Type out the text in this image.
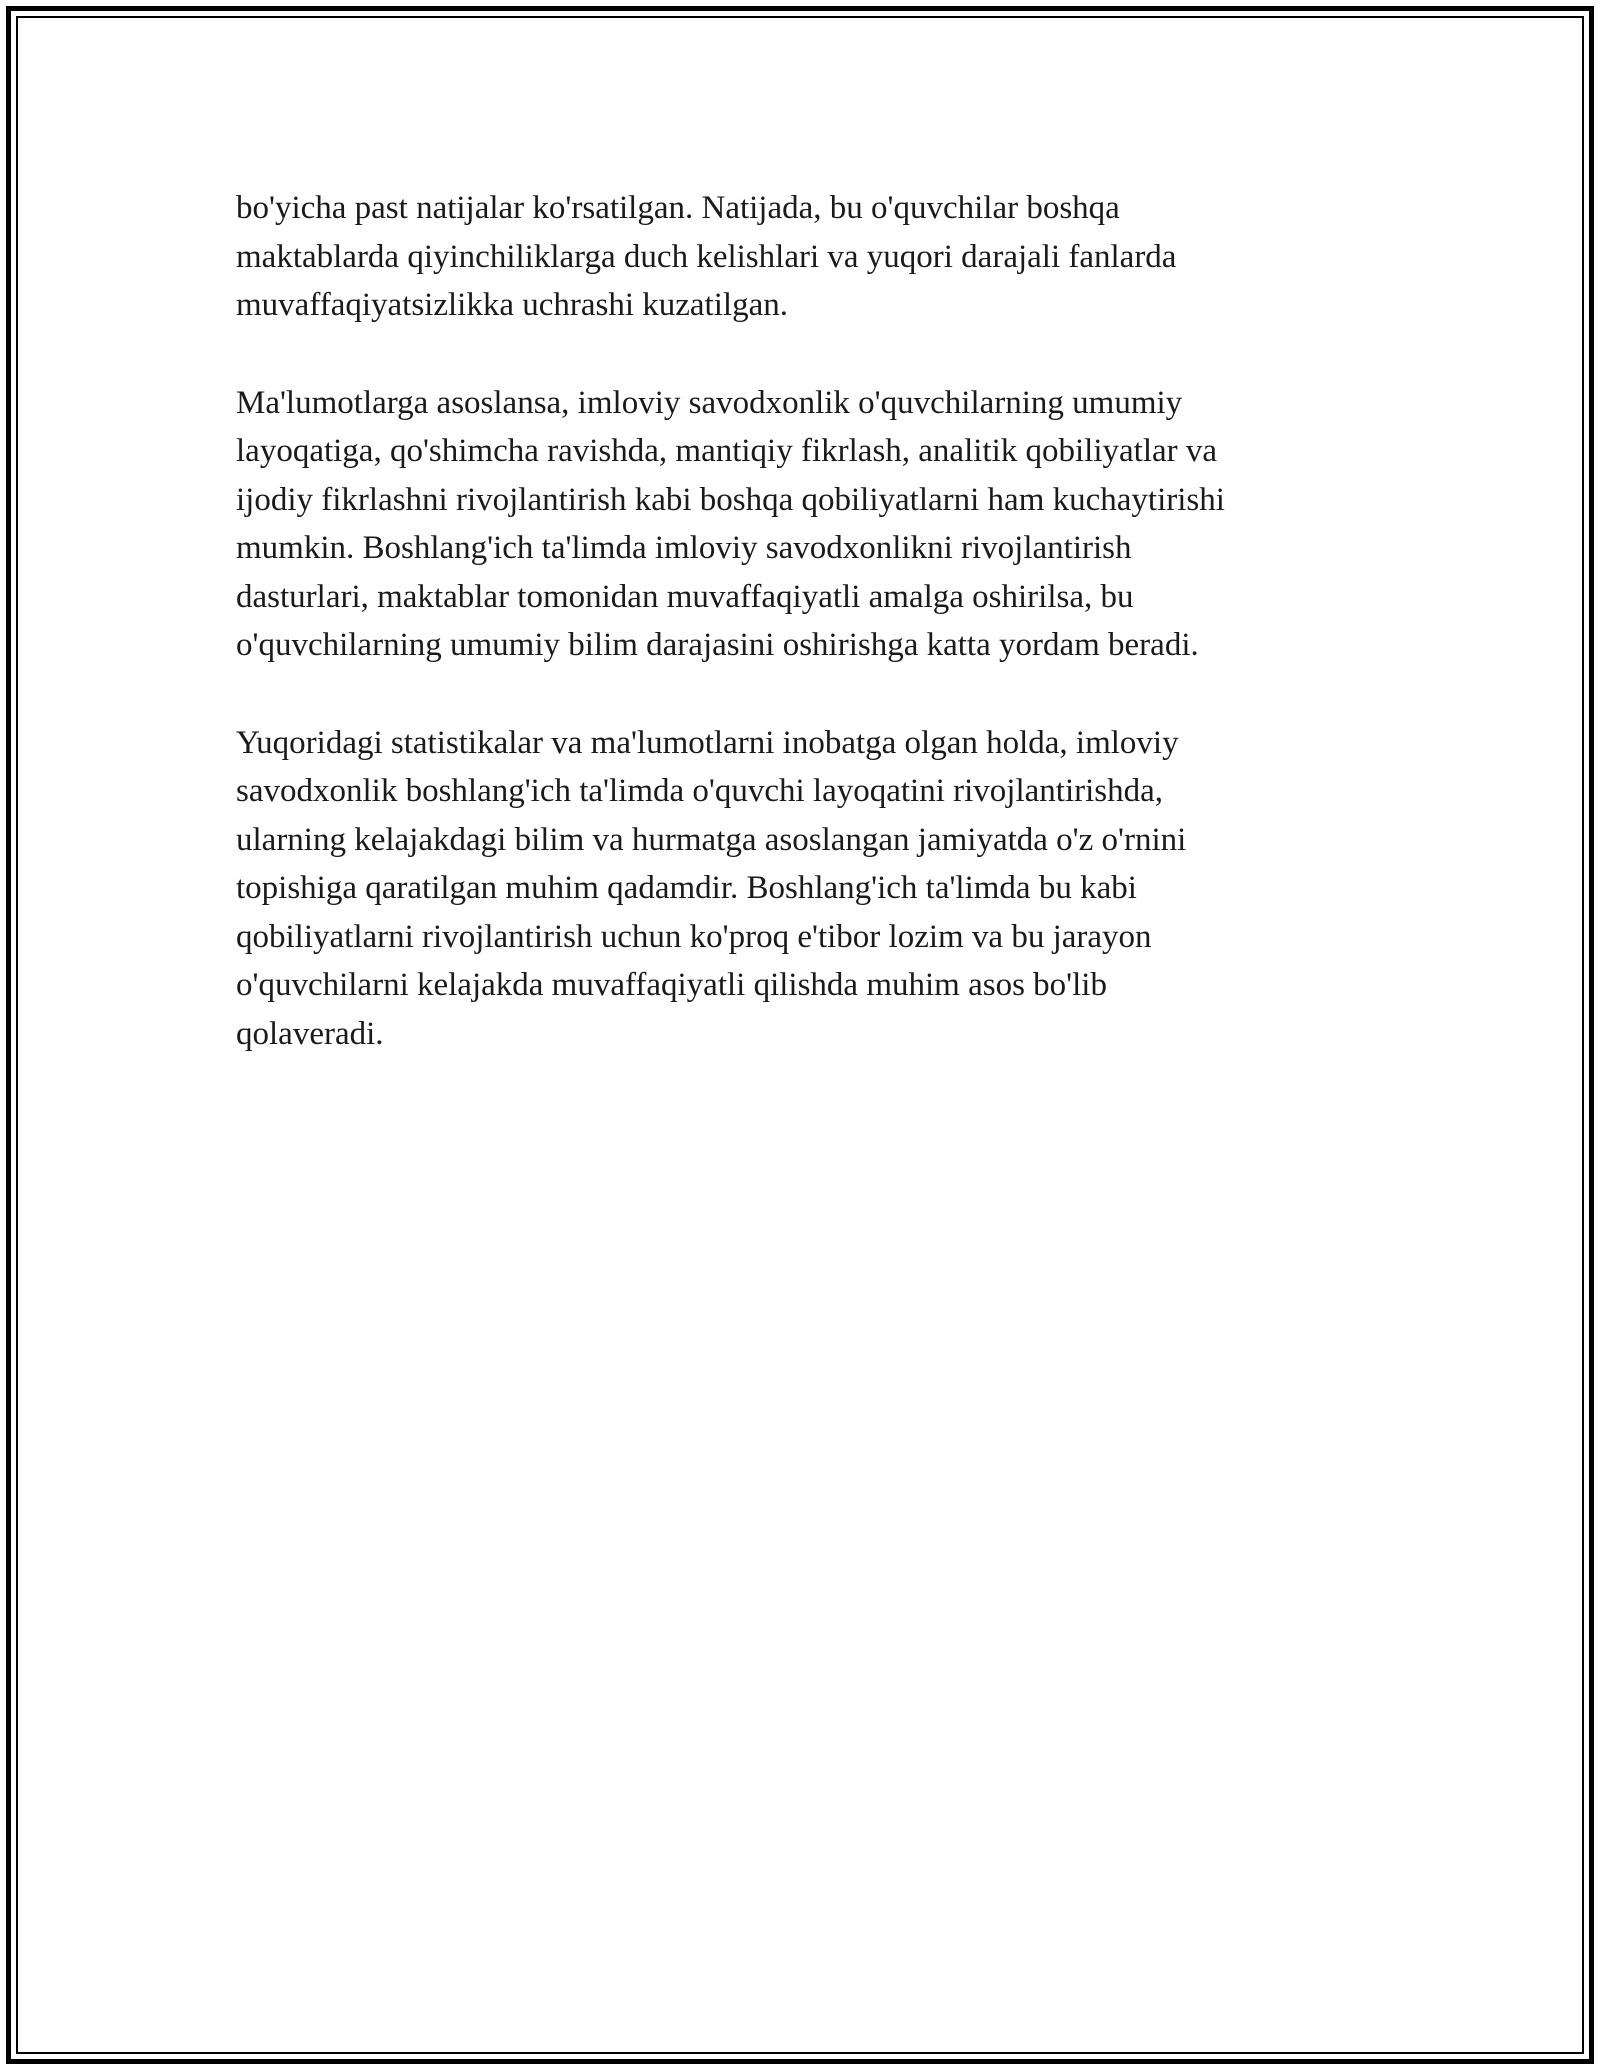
bo'yicha past natijalar ko'rsatilgan. Natijada, bu o'quvchilar boshqa
maktablarda qiyinchiliklarga duch kelishlari va yuqori darajali fanlarda
muvaffaqiyatsizlikka uchrashi kuzatilgan.

Ma'lumotlarga asoslansa, imloviy savodxonlik o'quvchilarning umumiy
layoqatiga, qo'shimcha ravishda, mantiqiy fikrlash, analitik qobiliyatlar va
ijodiy fikrlashni rivojlantirish kabi boshqa qobiliyatlarni ham kuchaytirishi
mumkin. Boshlang'ich ta'limda imloviy savodxonlikni rivojlantirish
dasturlari, maktablar tomonidan muvaffaqiyatli amalga oshirilsa, bu
o'quvchilarning umumiy bilim darajasini oshirishga katta yordam beradi.

Yuqoridagi statistikalar va ma'lumotlarni inobatga olgan holda, imloviy
savodxonlik boshlang'ich ta'limda o'quvchi layoqatini rivojlantirishda,
ularning kelajakdagi bilim va hurmatga asoslangan jamiyatda o'z o'rnini
topishiga qaratilgan muhim qadamdir. Boshlang'ich ta'limda bu kabi
qobiliyatlarni rivojlantirish uchun ko'proq e'tibor lozim va bu jarayon
o'quvchilarni kelajakda muvaffaqiyatli qilishda muhim asos bo'lib
qolaveradi.
